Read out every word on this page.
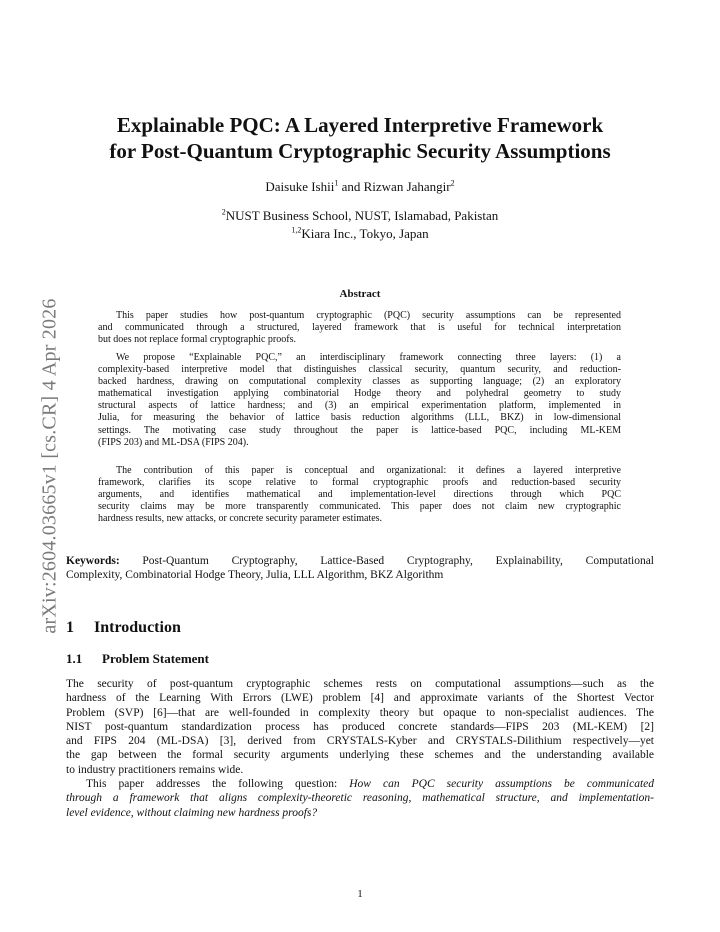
arXiv:2604.03665v1 [cs.CR] 4 Apr 2026
Explainable PQC: A Layered Interpretive Framework
for Post-Quantum Cryptographic Security Assumptions
Daisuke Ishii$^1$ and Rizwan Jahangir$^2$
$^2$NUST Business School, NUST, Islamabad, Pakistan
$^{1,2}$Kiara Inc., Tokyo, Japan
Abstract
This paper studies how post-quantum cryptographic (PQC) security assumptions can be represented
and communicated through a structured, layered framework that is useful for technical interpretation
but does not replace formal cryptographic proofs.
We propose “Explainable PQC,” an interdisciplinary framework connecting three layers: (1) a
complexity-based interpretive model that distinguishes classical security, quantum security, and reduction-
backed hardness, drawing on computational complexity classes as supporting language; (2) an exploratory
mathematical investigation applying combinatorial Hodge theory and polyhedral geometry to study
structural aspects of lattice hardness; and (3) an empirical experimentation platform, implemented in
Julia, for measuring the behavior of lattice basis reduction algorithms (LLL, BKZ) in low-dimensional
settings. The motivating case study throughout the paper is lattice-based PQC, including ML-KEM
(FIPS 203) and ML-DSA (FIPS 204).
The contribution of this paper is conceptual and organizational: it defines a layered interpretive
framework, clarifies its scope relative to formal cryptographic proofs and reduction-based security
arguments, and identifies mathematical and implementation-level directions through which PQC
security claims may be more transparently communicated. This paper does not claim new cryptographic
hardness results, new attacks, or concrete security parameter estimates.
Keywords: Post-Quantum Cryptography, Lattice-Based Cryptography, Explainability, Computational
Complexity, Combinatorial Hodge Theory, Julia, LLL Algorithm, BKZ Algorithm
1 Introduction
1.1 Problem Statement
The security of post-quantum cryptographic schemes rests on computational assumptions—such as the
hardness of the Learning With Errors (LWE) problem [4] and approximate variants of the Shortest Vector
Problem (SVP) [6]—that are well-founded in complexity theory but opaque to non-specialist audiences. The
NIST post-quantum standardization process has produced concrete standards—FIPS 203 (ML-KEM) [2]
and FIPS 204 (ML-DSA) [3], derived from CRYSTALS-Kyber and CRYSTALS-Dilithium respectively—yet
the gap between the formal security arguments underlying these schemes and the understanding available
to industry practitioners remains wide.
This paper addresses the following question: How can PQC security assumptions be communicated
through a framework that aligns complexity-theoretic reasoning, mathematical structure, and implementation-
level evidence, without claiming new hardness proofs?
1
